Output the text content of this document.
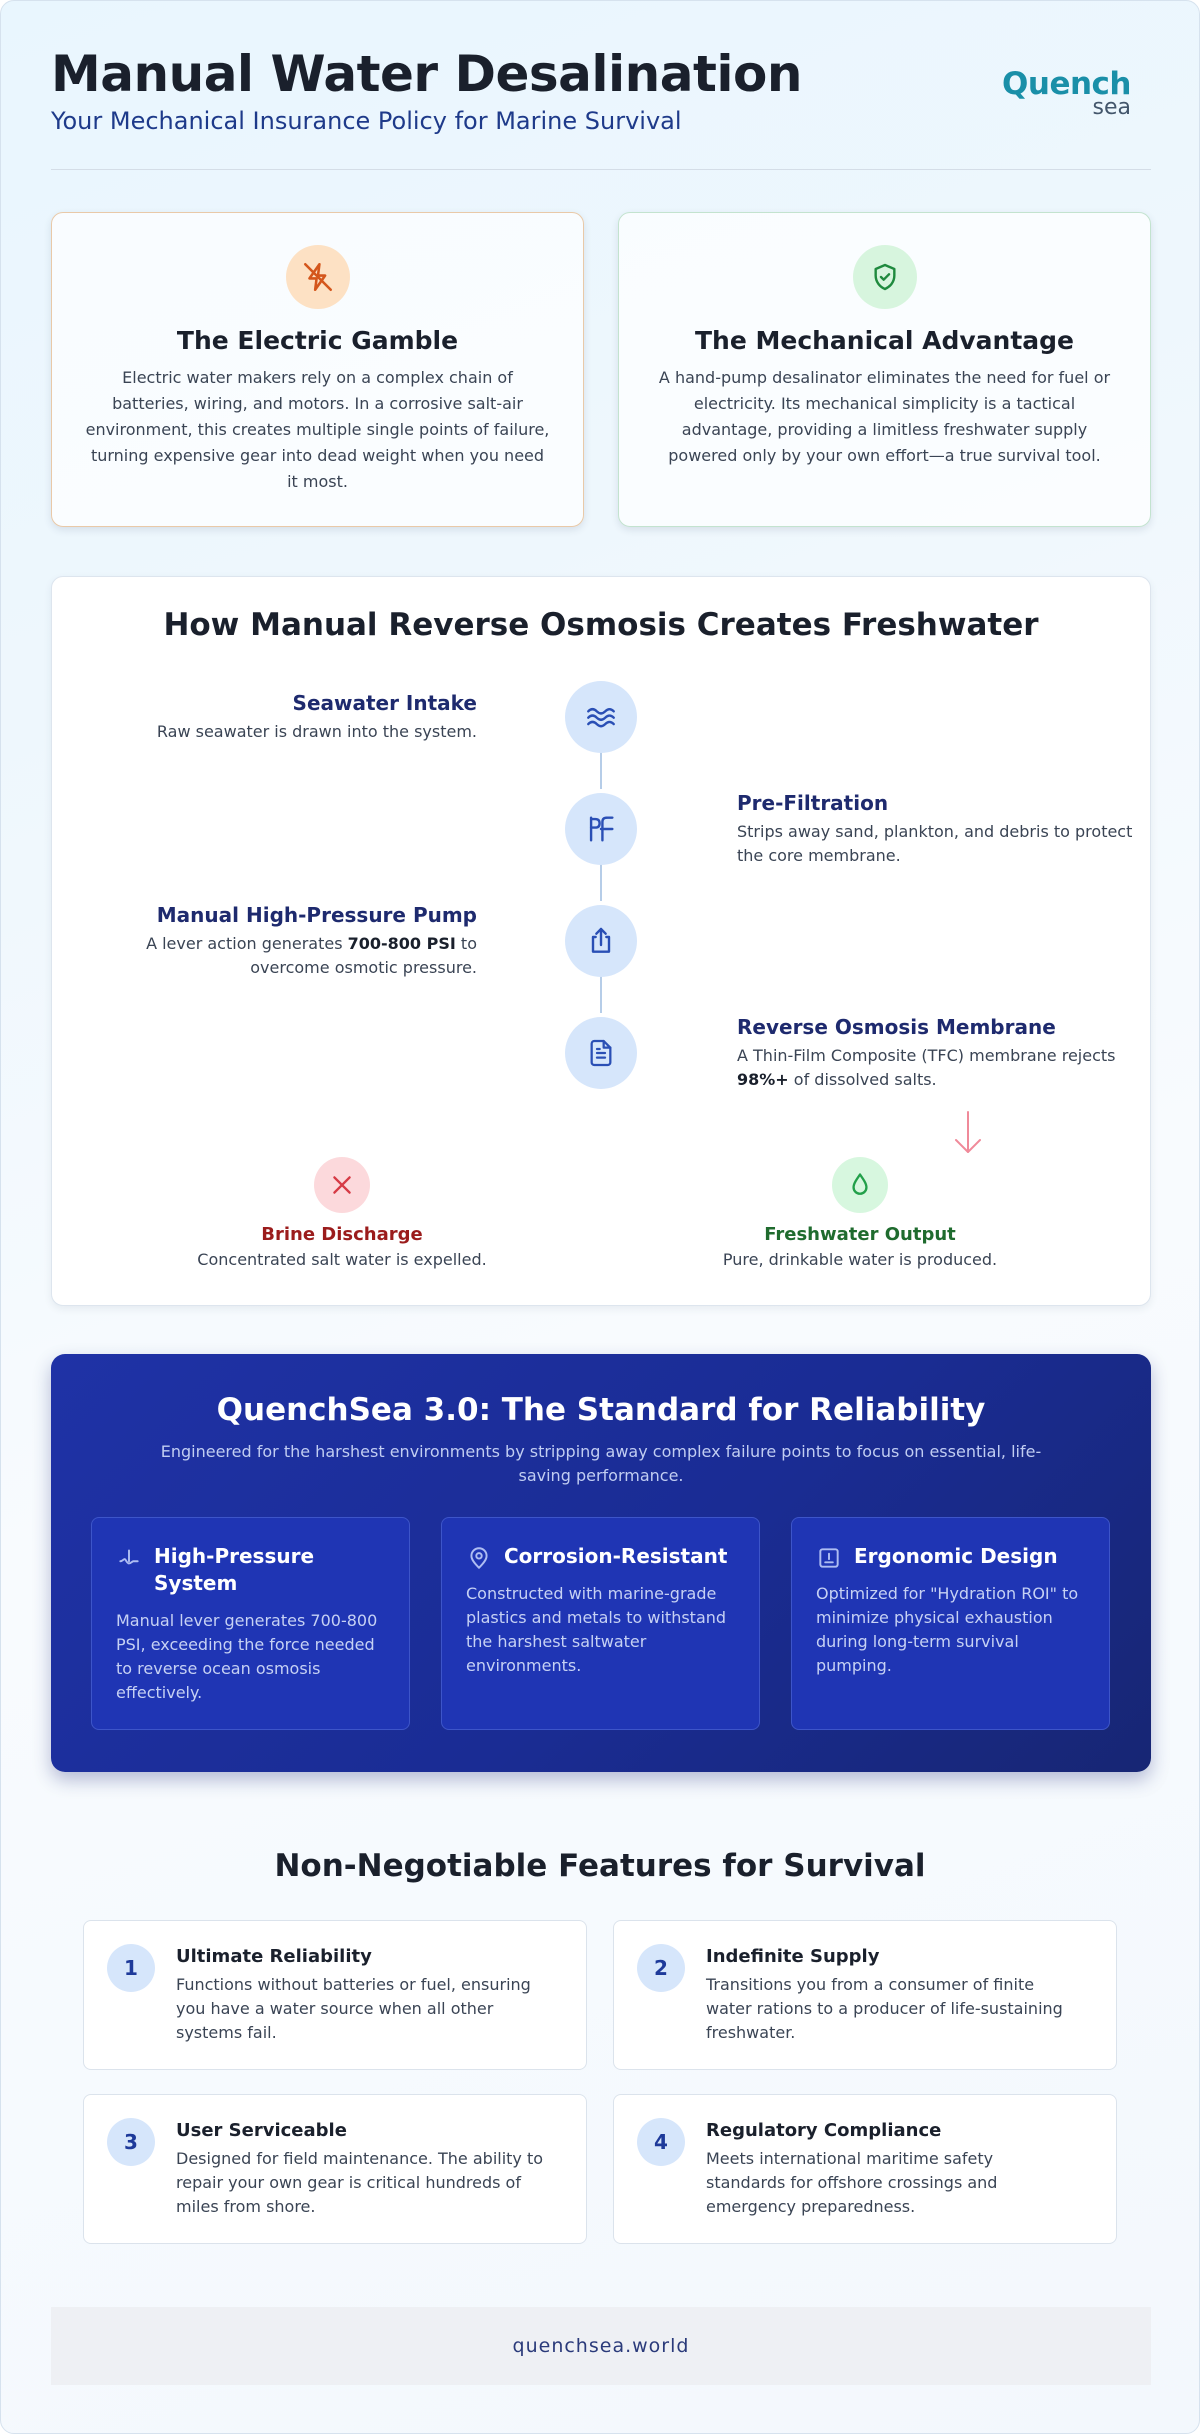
Manual Water Desalination
Your Mechanical Insurance Policy for Marine Survival
Quench
sea
The Electric Gamble
Electric water makers rely on a complex chain of batteries, wiring, and motors. In a corrosive salt-air environment, this creates multiple single points of failure, turning expensive gear into dead weight when you need it most.
The Mechanical Advantage
A hand-pump desalinator eliminates the need for fuel or electricity. Its mechanical simplicity is a tactical advantage, providing a limitless freshwater supply powered only by your own effort—a true survival tool.
How Manual Reverse Osmosis Creates Freshwater
Seawater Intake
Raw seawater is drawn into the system.
Pre-Filtration
Strips away sand, plankton, and debris to protect the core membrane.
Manual High-Pressure Pump
A lever action generates 700-800 PSI to overcome osmotic pressure.
Reverse Osmosis Membrane
A Thin-Film Composite (TFC) membrane rejects 98%+ of dissolved salts.
Brine Discharge
Concentrated salt water is expelled.
Freshwater Output
Pure, drinkable water is produced.
QuenchSea 3.0: The Standard for Reliability
Engineered for the harshest environments by stripping away complex failure points to focus on essential, life-saving performance.
High-Pressure System
Manual lever generates 700-800 PSI, exceeding the force needed to reverse ocean osmosis effectively.
Corrosion-Resistant
Constructed with marine-grade plastics and metals to withstand the harshest saltwater environments.
Ergonomic Design
Optimized for "Hydration ROI" to minimize physical exhaustion during long-term survival pumping.
Non-Negotiable Features for Survival
1	Ultimate Reliability
Functions without batteries or fuel, ensuring you have a water source when all other systems fail.
2	Indefinite Supply
Transitions you from a consumer of finite water rations to a producer of life-sustaining freshwater.
3	User Serviceable
Designed for field maintenance. The ability to repair your own gear is critical hundreds of miles from shore.
4	Regulatory Compliance
Meets international maritime safety standards for offshore crossings and emergency preparedness.
quenchsea.world
